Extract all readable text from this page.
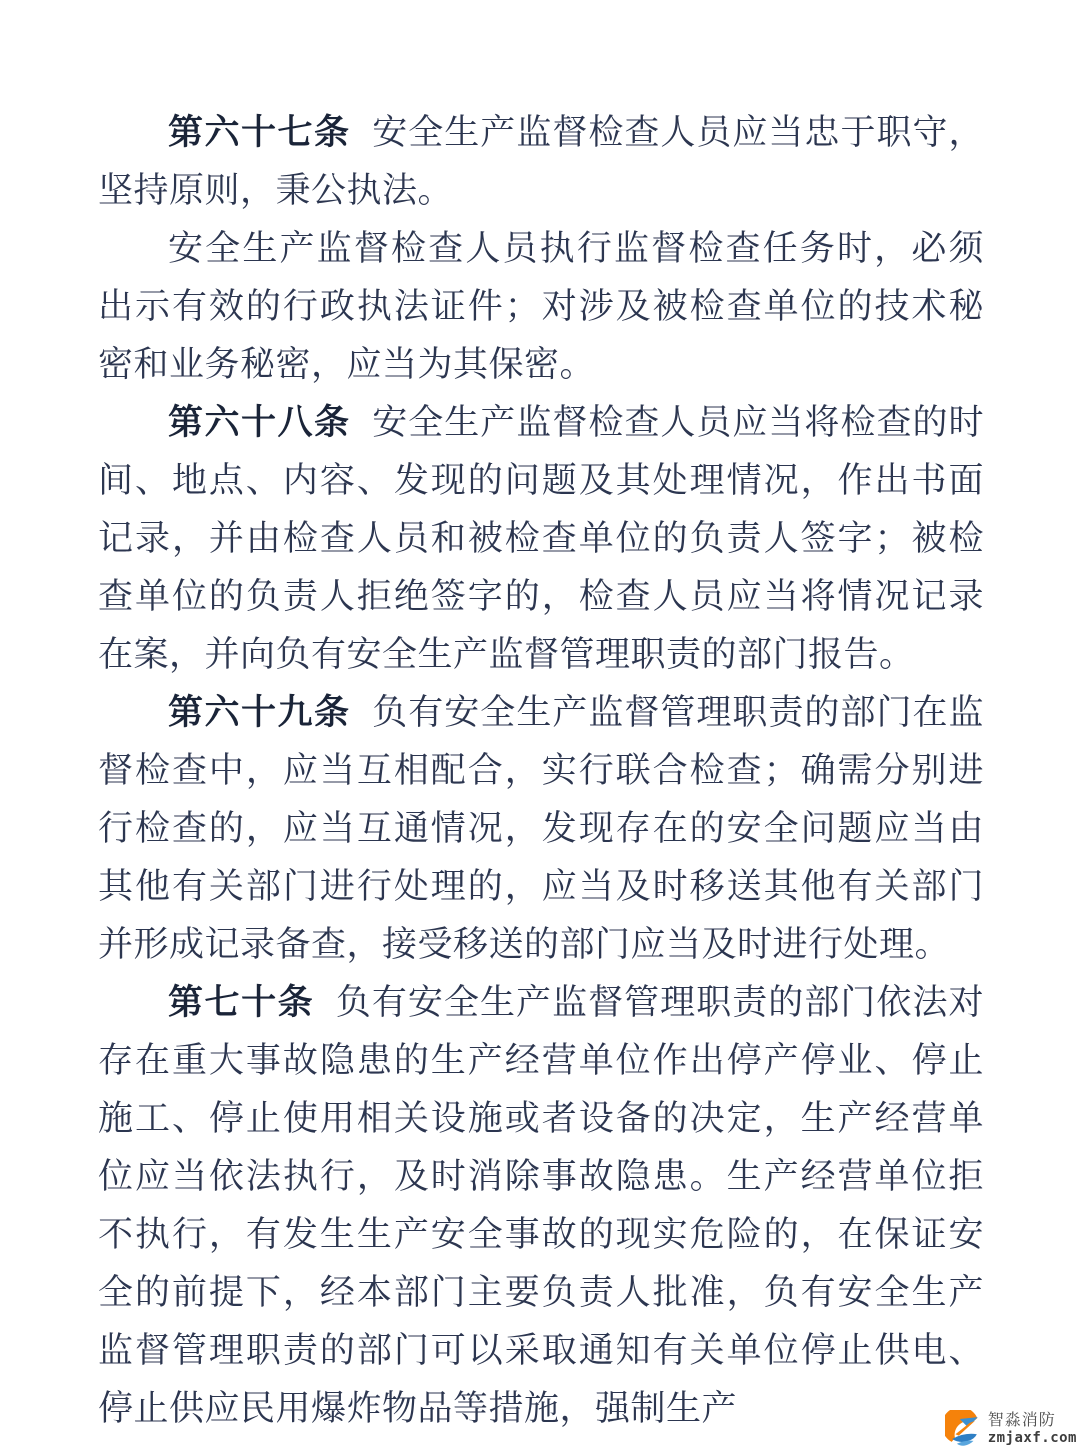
第六十七条 安全生产监督检查人员应当忠于职守，坚持原则，秉公执法。

安全生产监督检查人员执行监督检查任务时，必须出示有效的行政执法证件；对涉及被检查单位的技术秘密和业务秘密，应当为其保密。

第六十八条 安全生产监督检查人员应当将检查的时间、地点、内容、发现的问题及其处理情况，作出书面记录，并由检查人员和被检查单位的负责人签字；被检查单位的负责人拒绝签字的，检查人员应当将情况记录在案，并向负有安全生产监督管理职责的部门报告。

第六十九条 负有安全生产监督管理职责的部门在监督检查中，应当互相配合，实行联合检查；确需分别进行检查的，应当互通情况，发现存在的安全问题应当由其他有关部门进行处理的，应当及时移送其他有关部门并形成记录备查，接受移送的部门应当及时进行处理。

第七十条 负有安全生产监督管理职责的部门依法对存在重大事故隐患的生产经营单位作出停产停业、停止施工、停止使用相关设施或者设备的决定，生产经营单位应当依法执行，及时消除事故隐患。生产经营单位拒不执行，有发生生产安全事故的现实危险的，在保证安全的前提下，经本部门主要负责人批准，负有安全生产监督管理职责的部门可以采取通知有关单位停止供电、停止供应民用爆炸物品等措施，强制生产	智淼消防
zmjaxf.com
